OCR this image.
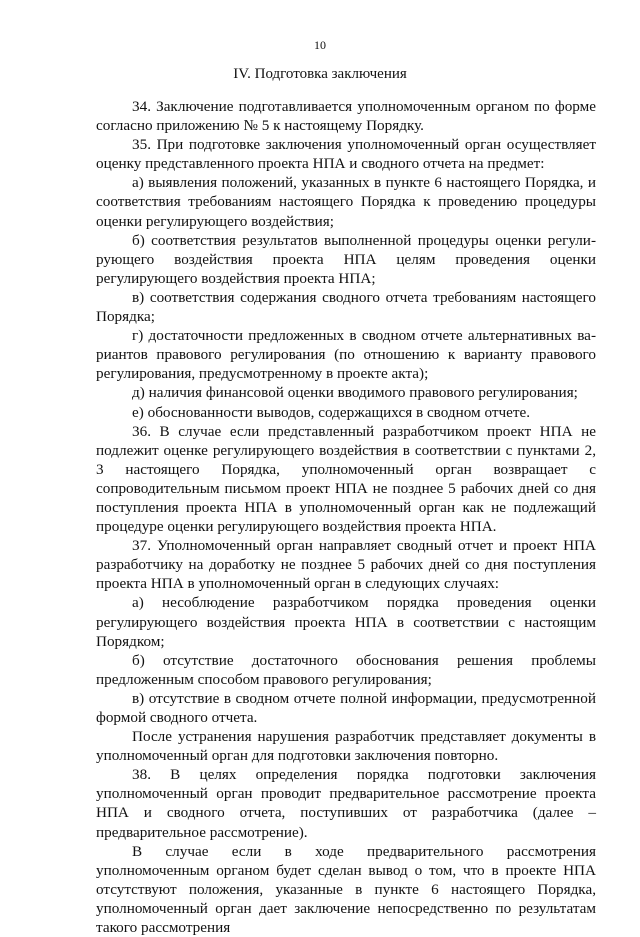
10
IV. Подготовка заключения

34. Заключение подготавливается уполномоченным органом по форме согласно приложению № 5 к настоящему Порядку.

35. При подготовке заключения уполномоченный орган осуществляет оценку представленного проекта НПА и сводного отчета на предмет:

а) выявления положений, указанных в пункте 6 настоящего Порядка, и соответствия требованиям настоящего Порядка к проведению процедуры оценки регулирующего воздействия;

б) соответствия результатов выполненной процедуры оценки регулирующего воздействия проекта НПА целям проведения оценки регулирующего воздействия проекта НПА;

в) соответствия содержания сводного отчета требованиям настоящего Порядка;

г) достаточности предложенных в сводном отчете альтернативных вариантов правового регулирования (по отношению к варианту правового регулирования, предусмотренному в проекте акта);

д) наличия финансовой оценки вводимого правового регулирования;

е) обоснованности выводов, содержащихся в сводном отчете.

36. В случае если представленный разработчиком проект НПА не подлежит оценке регулирующего воздействия в соответствии с пунктами 2, 3 настоящего Порядка, уполномоченный орган возвращает с сопроводительным письмом проект НПА не позднее 5 рабочих дней со дня поступления проекта НПА в уполномоченный орган как не подлежащий процедуре оценки регулирующего воздействия проекта НПА.

37. Уполномоченный орган направляет сводный отчет и проект НПА разработчику на доработку не позднее 5 рабочих дней со дня поступления проекта НПА в уполномоченный орган в следующих случаях:

а) несоблюдение разработчиком порядка проведения оценки регулирующего воздействия проекта НПА в соответствии с настоящим Порядком;

б) отсутствие достаточного обоснования решения проблемы предложенным способом правового регулирования;

в) отсутствие в сводном отчете полной информации, предусмотренной формой сводного отчета.

После устранения нарушения разработчик представляет документы в уполномоченный орган для подготовки заключения повторно.

38. В целях определения порядка подготовки заключения уполномоченный орган проводит предварительное рассмотрение проекта НПА и сводного отчета, поступивших от разработчика (далее – предварительное рассмотрение).

В случае если в ходе предварительного рассмотрения уполномоченным органом будет сделан вывод о том, что в проекте НПА отсутствуют положения, указанные в пункте 6 настоящего Порядка, уполномоченный орган дает заключение непосредственно по результатам такого рассмотрения
